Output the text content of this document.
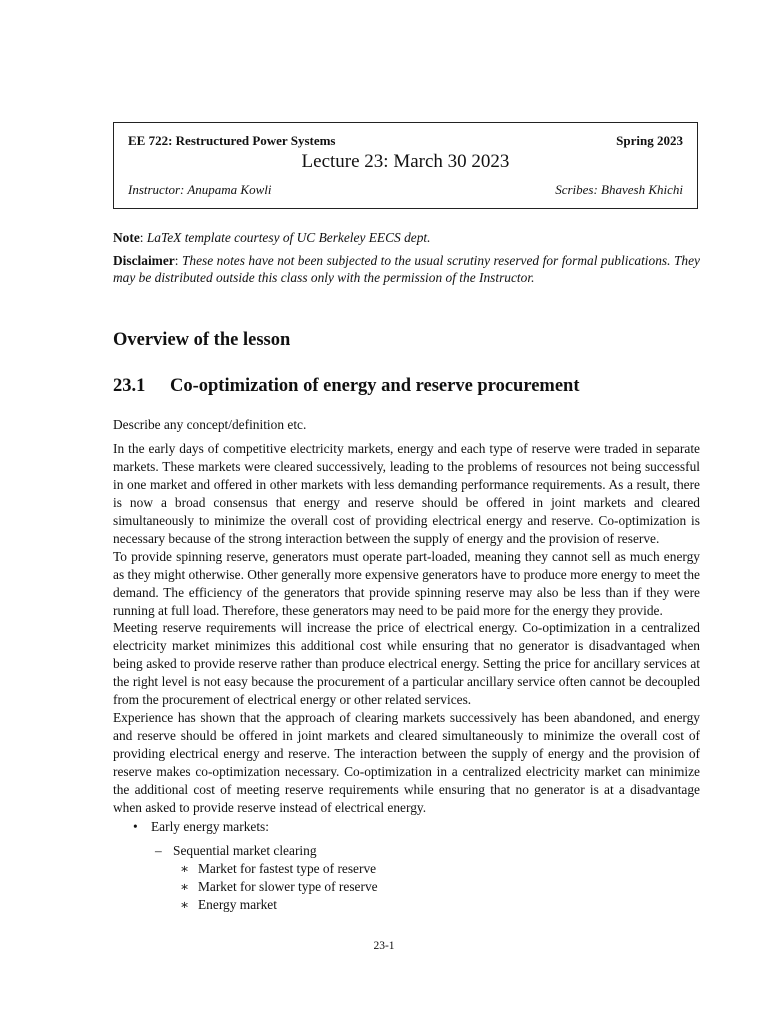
EE 722: Restructured Power Systems	Spring 2023
Lecture 23: March 30 2023
Instructor: Anupama Kowli	Scribes: Bhavesh Khichi
Note: LaTeX template courtesy of UC Berkeley EECS dept.
Disclaimer: These notes have not been subjected to the usual scrutiny reserved for formal publications. They may be distributed outside this class only with the permission of the Instructor.
Overview of the lesson
23.1 Co-optimization of energy and reserve procurement
Describe any concept/definition etc.
In the early days of competitive electricity markets, energy and each type of reserve were traded in separate markets. These markets were cleared successively, leading to the problems of resources not being successful in one market and offered in other markets with less demanding performance requirements. As a result, there is now a broad consensus that energy and reserve should be offered in joint markets and cleared simultaneously to minimize the overall cost of providing electrical energy and reserve. Co-optimization is necessary because of the strong interaction between the supply of energy and the provision of reserve.
To provide spinning reserve, generators must operate part-loaded, meaning they cannot sell as much energy as they might otherwise. Other generally more expensive generators have to produce more energy to meet the demand. The efficiency of the generators that provide spinning reserve may also be less than if they were running at full load. Therefore, these generators may need to be paid more for the energy they provide.
Meeting reserve requirements will increase the price of electrical energy. Co-optimization in a centralized electricity market minimizes this additional cost while ensuring that no generator is disadvantaged when being asked to provide reserve rather than produce electrical energy. Setting the price for ancillary services at the right level is not easy because the procurement of a particular ancillary service often cannot be decoupled from the procurement of electrical energy or other related services.
Experience has shown that the approach of clearing markets successively has been abandoned, and energy and reserve should be offered in joint markets and cleared simultaneously to minimize the overall cost of providing electrical energy and reserve. The interaction between the supply of energy and the provision of reserve makes co-optimization necessary. Co-optimization in a centralized electricity market can minimize the additional cost of meeting reserve requirements while ensuring that no generator is at a disadvantage when asked to provide reserve instead of electrical energy.
• Early energy markets:
– Sequential market clearing
∗ Market for fastest type of reserve
∗ Market for slower type of reserve
∗ Energy market
23-1
